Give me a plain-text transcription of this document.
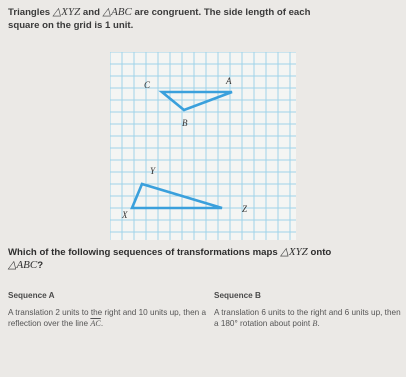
Triangles △XYZ and △ABC are congruent. The side length of each
square on the grid is 1 unit.
C	A
B
Y
X
Z
Which of the following sequences of transformations maps △XYZ onto
△ABC?
Sequence A
A translation 2 units to the right and 10 units up, then a reflection over the line $\overline{AC}$.
Sequence B
A translation 6 units to the right and 6 units up, then a 180° rotation about point B.
